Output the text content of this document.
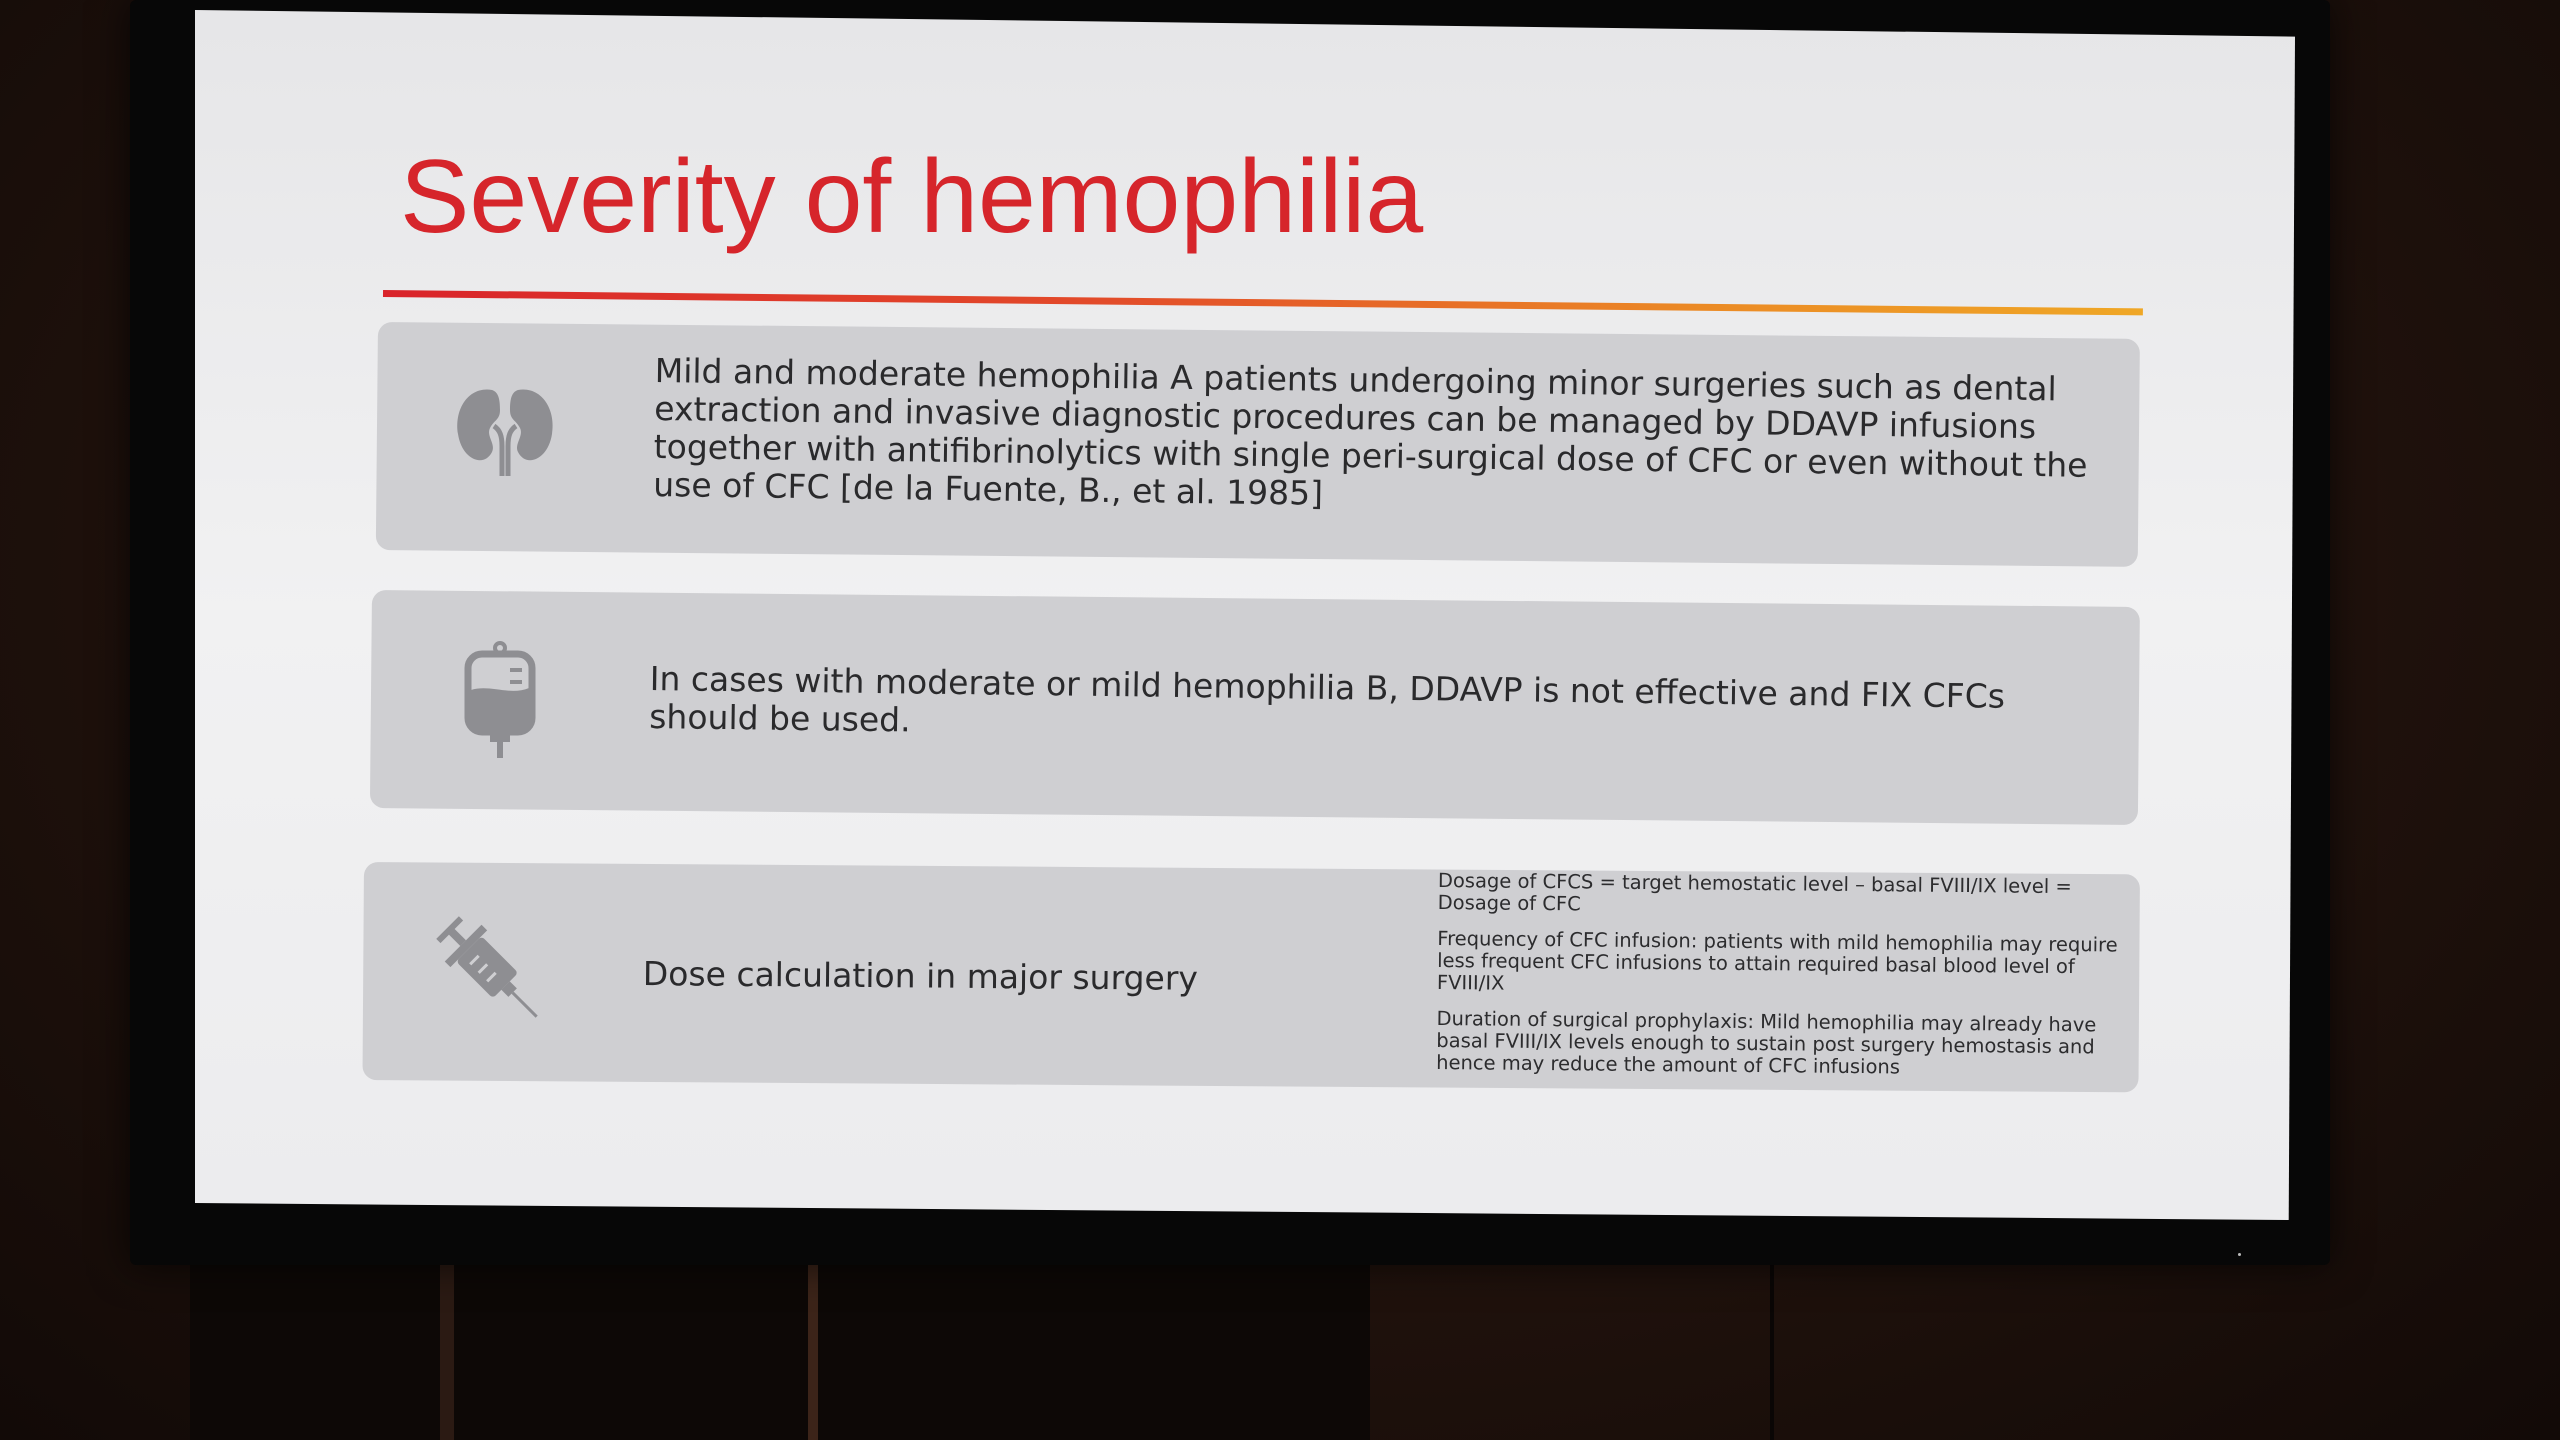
Severity of hemophilia
Mild and moderate hemophilia A patients undergoing minor surgeries such as dental extraction and invasive diagnostic procedures can be managed by DDAVP infusions together with antifibrinolytics with single peri-surgical dose of CFC or even without the use of CFC [de la Fuente, B., et al. 1985]
In cases with moderate or mild hemophilia B, DDAVP is not effective and FIX CFCs should be used.
Dose calculation in major surgery

Dosage of CFCS = target hemostatic level – basal FVIII/IX level = Dosage of CFC

Frequency of CFC infusion: patients with mild hemophilia may require less frequent CFC infusions to attain required basal blood level of FVIII/IX

Duration of surgical prophylaxis: Mild hemophilia may already have basal FVIII/IX levels enough to sustain post surgery hemostasis and hence may reduce the amount of CFC infusions
